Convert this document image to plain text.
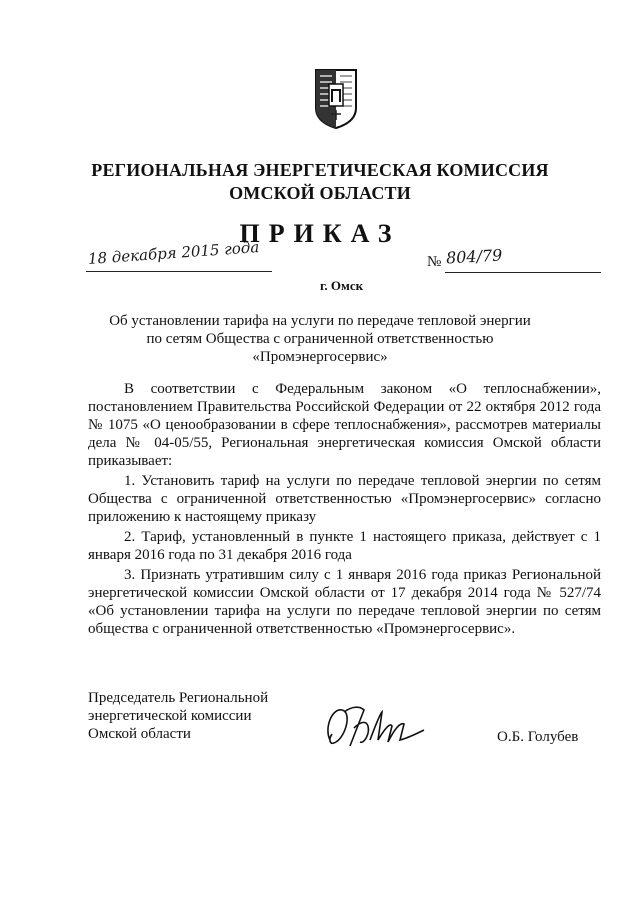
РЕГИОНАЛЬНАЯ ЭНЕРГЕТИЧЕСКАЯ КОМИССИЯ
ОМСКОЙ ОБЛАСТИ
ПРИКАЗ
18 декабря 2015 года	№ 804/79
г. Омск
Об установлении тарифа на услуги по передаче тепловой энергии
по сетям Общества с ограниченной ответственностью
«Промэнергосервис»

В соответствии с Федеральным законом «О теплоснабжении», постановлением Правительства Российской Федерации от 22 октября 2012 года № 1075 «О ценообразовании в сфере теплоснабжения», рассмотрев материалы дела № 04-05/55, Региональная энергетическая комиссия Омской области приказывает:

1. Установить тариф на услуги по передаче тепловой энергии по сетям Общества с ограниченной ответственностью «Промэнергосервис» согласно приложению к настоящему приказу

2. Тариф, установленный в пункте 1 настоящего приказа, действует с 1 января 2016 года по 31 декабря 2016 года

3. Признать утратившим силу с 1 января 2016 года приказ Региональной энергетической комиссии Омской области от 17 декабря 2014 года № 527/74 «Об установлении тарифа на услуги по передаче тепловой энергии по сетям общества с ограниченной ответственностью «Промэнергосервис».

Председатель Региональной
энергетической комиссии
Омской области	О.Б. Голубев
